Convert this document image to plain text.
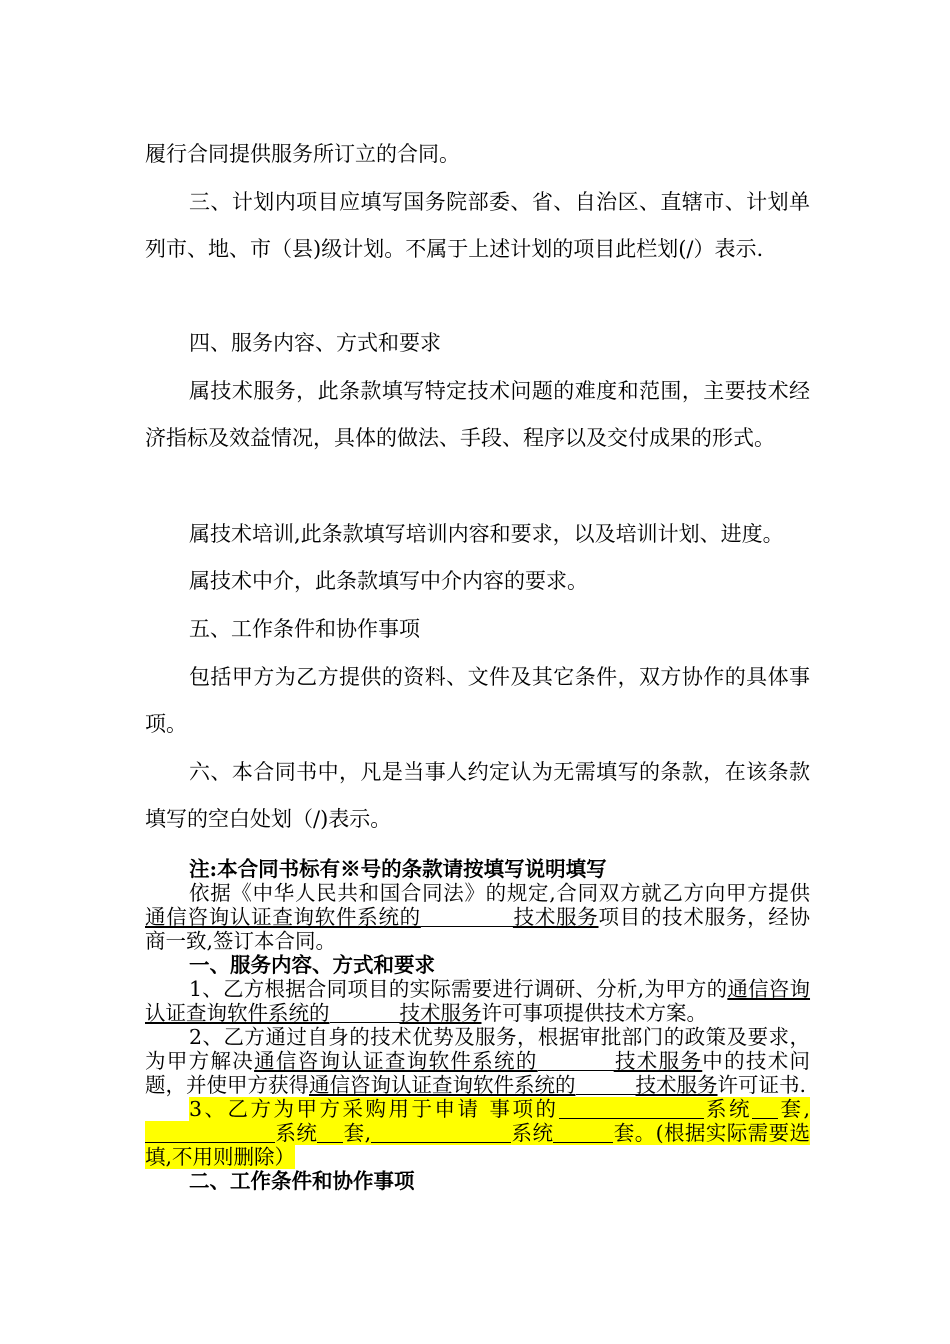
履行合同提供服务所订立的合同。

三、计划内项目应填写国务院部委、省、自治区、直辖市、计划单列市、地、市（县)级计划。不属于上述计划的项目此栏划(/）表示.

四、服务内容、方式和要求

属技术服务，此条款填写特定技术问题的难度和范围，主要技术经济指标及效益情况，具体的做法、手段、程序以及交付成果的形式。

属技术培训,此条款填写培训内容和要求，以及培训计划、进度。

属技术中介，此条款填写中介内容的要求。

五、工作条件和协作事项

包括甲方为乙方提供的资料、文件及其它条件，双方协作的具体事项。

六、本合同书中，凡是当事人约定认为无需填写的条款，在该条款填写的空白处划（/)表示。

注:本合同书标有※号的条款请按填写说明填写

依据《中华人民共和国合同法》的规定,合同双方就乙方向甲方提供通信咨询认证查询软件系统的	技术服务项目的技术服务，经协商一致,签订本合同。

一、服务内容、方式和要求

1、乙方根据合同项目的实际需要进行调研、分析,为甲方的通信咨询认证查询软件系统的	技术服务许可事项提供技术方案。

2、乙方通过自身的技术优势及服务，根据审批部门的政策及要求，为甲方解决通信咨询认证查询软件系统的	技术服务中的技术问题，并使甲方获得通信咨询认证查询软件系统的	技术服务许可证书.

3、乙方为甲方采购用于申请 事项的	系统 套,系统 套,	系统	套。(根据实际需要选填,不用则删除）

二、工作条件和协作事项
